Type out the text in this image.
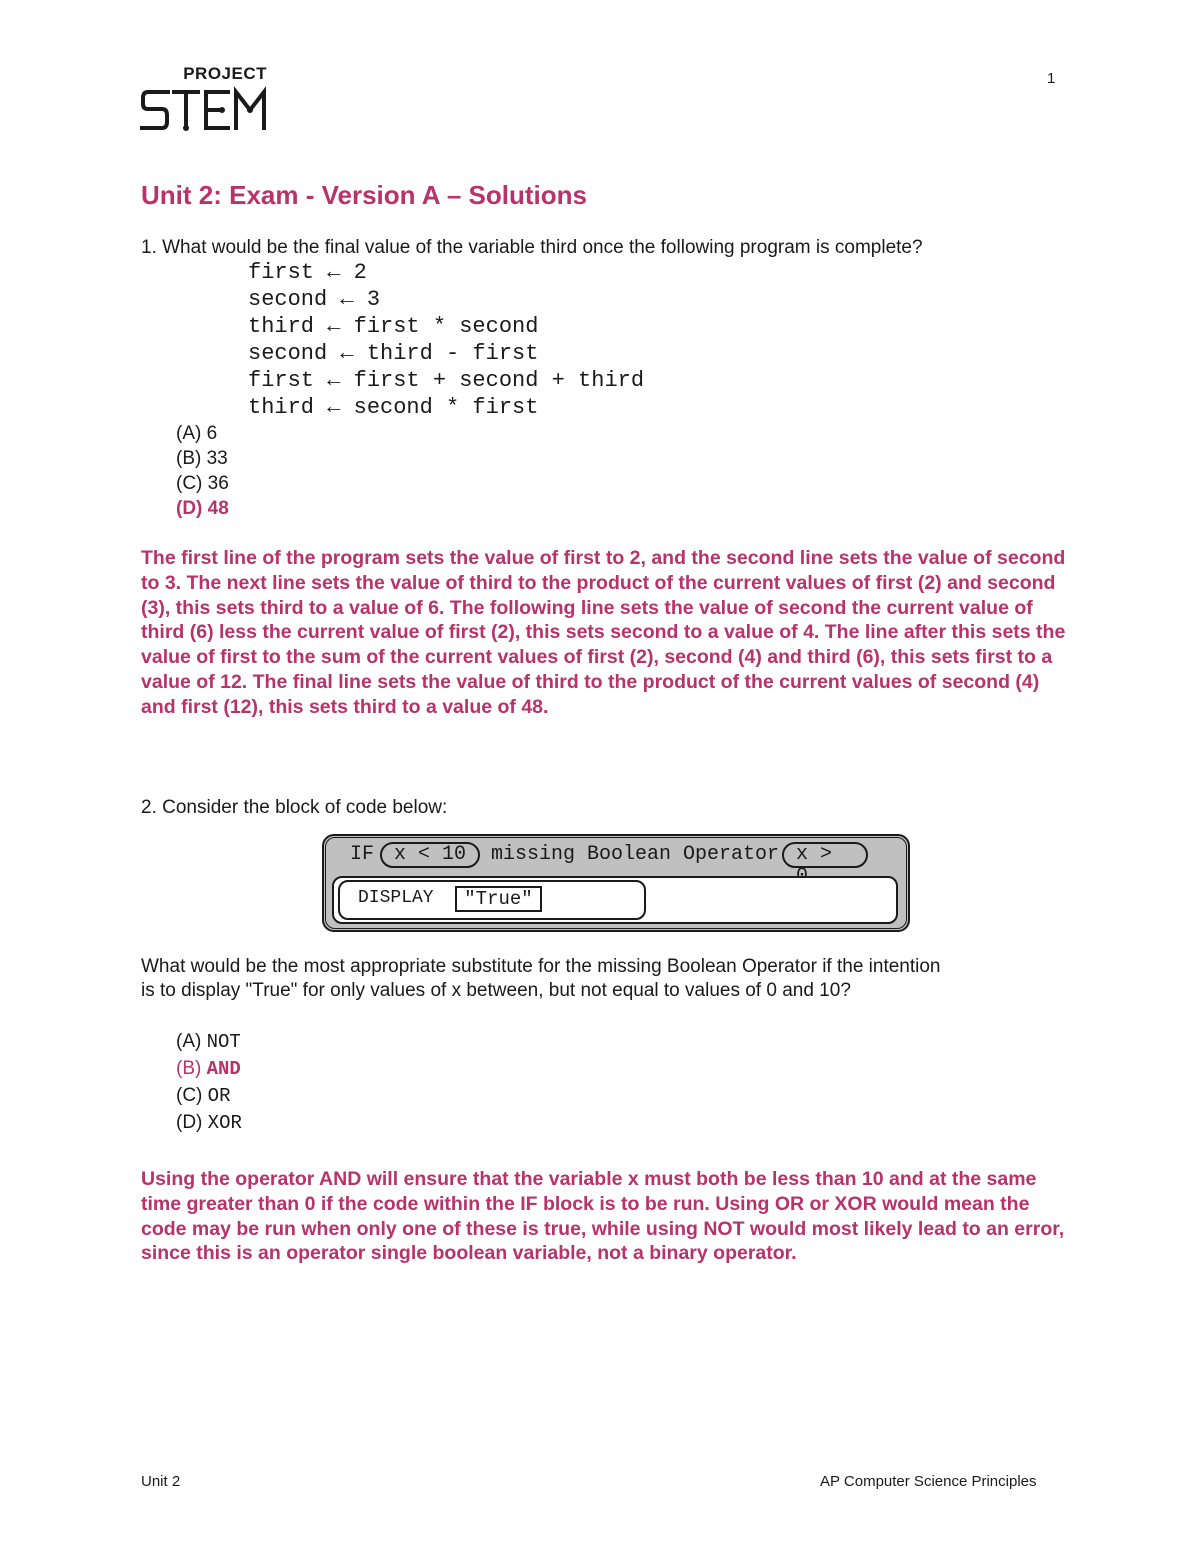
PROJECT	1
Unit 2: Exam - Version A – Solutions
1. What would be the final value of the variable third once the following program is complete?
first ← 2
second ← 3
third ← first * second
second ← third - first
first ← first + second + third
third ← second * first
(A) 6
(B) 33
(C) 36
(D) 48
The first line of the program sets the value of first to 2, and the second line sets the value of second to 3. The next line sets the value of third to the product of the current values of first (2) and second (3), this sets third to a value of 6. The following line sets the value of second the current value of third (6) less the current value of first (2), this sets second to a value of 4. The line after this sets the value of first to the sum of the current values of first (2), second (4) and third (6), this sets first to a value of 12. The final line sets the value of third to the product of the current values of second (4) and first (12), this sets third to a value of 48.
2. Consider the block of code below:
IF x < 10	missing Boolean Operator x >
DISPLAY	"True"
What would be the most appropriate substitute for the missing Boolean Operator if the intention
is to display "True" for only values of x between, but not equal to values of 0 and 10?
(A) NOT
(B) AND
(C) OR
(D) XOR
Using the operator AND will ensure that the variable x must both be less than 10 and at the same time greater than 0 if the code within the IF block is to be run. Using OR or XOR would mean the code may be run when only one of these is true, while using NOT would most likely lead to an error, since this is an operator single boolean variable, not a binary operator.
Unit 2	AP Computer Science Principles
